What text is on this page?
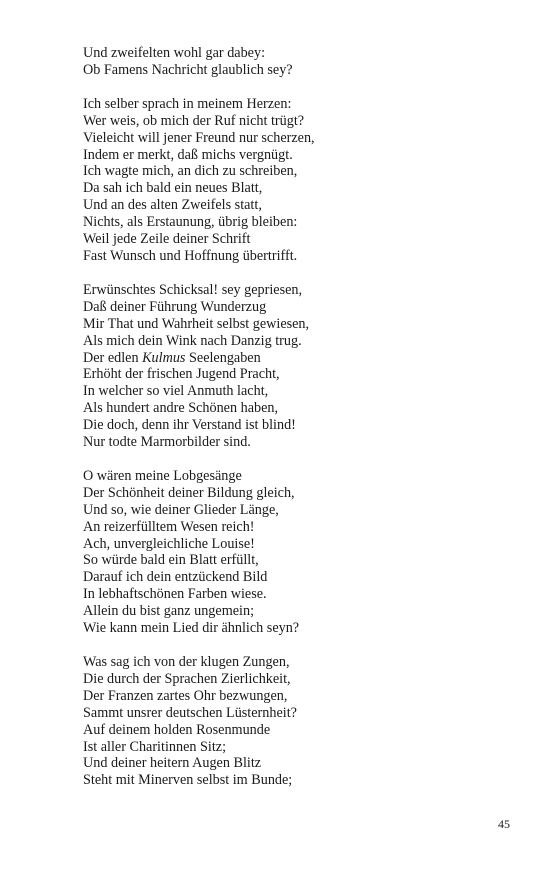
Und zweifelten wohl gar dabey:
Ob Famens Nachricht glaublich sey?
Ich selber sprach in meinem Herzen:
Wer weis, ob mich der Ruf nicht trügt?
Vieleicht will jener Freund nur scherzen,
Indem er merkt, daß michs vergnügt.
Ich wagte mich, an dich zu schreiben,
Da sah ich bald ein neues Blatt,
Und an des alten Zweifels statt,
Nichts, als Erstaunung, übrig bleiben:
Weil jede Zeile deiner Schrift
Fast Wunsch und Hoffnung übertrifft.
Erwünschtes Schicksal! sey gepriesen,
Daß deiner Führung Wunderzug
Mir That und Wahrheit selbst gewiesen,
Als mich dein Wink nach Danzig trug.
Der edlen Kulmus Seelengaben
Erhöht der frischen Jugend Pracht,
In welcher so viel Anmuth lacht,
Als hundert andre Schönen haben,
Die doch, denn ihr Verstand ist blind!
Nur todte Marmorbilder sind.
O wären meine Lobgesänge
Der Schönheit deiner Bildung gleich,
Und so, wie deiner Glieder Länge,
An reizerfülltem Wesen reich!
Ach, unvergleichliche Louise!
So würde bald ein Blatt erfüllt,
Darauf ich dein entzückend Bild
In lebhaftschönen Farben wiese.
Allein du bist ganz ungemein;
Wie kann mein Lied dir ähnlich seyn?
Was sag ich von der klugen Zungen,
Die durch der Sprachen Zierlichkeit,
Der Franzen zartes Ohr bezwungen,
Sammt unsrer deutschen Lüsternheit?
Auf deinem holden Rosenmunde
Ist aller Charitinnen Sitz;
Und deiner heitern Augen Blitz
Steht mit Minerven selbst im Bunde;
45
